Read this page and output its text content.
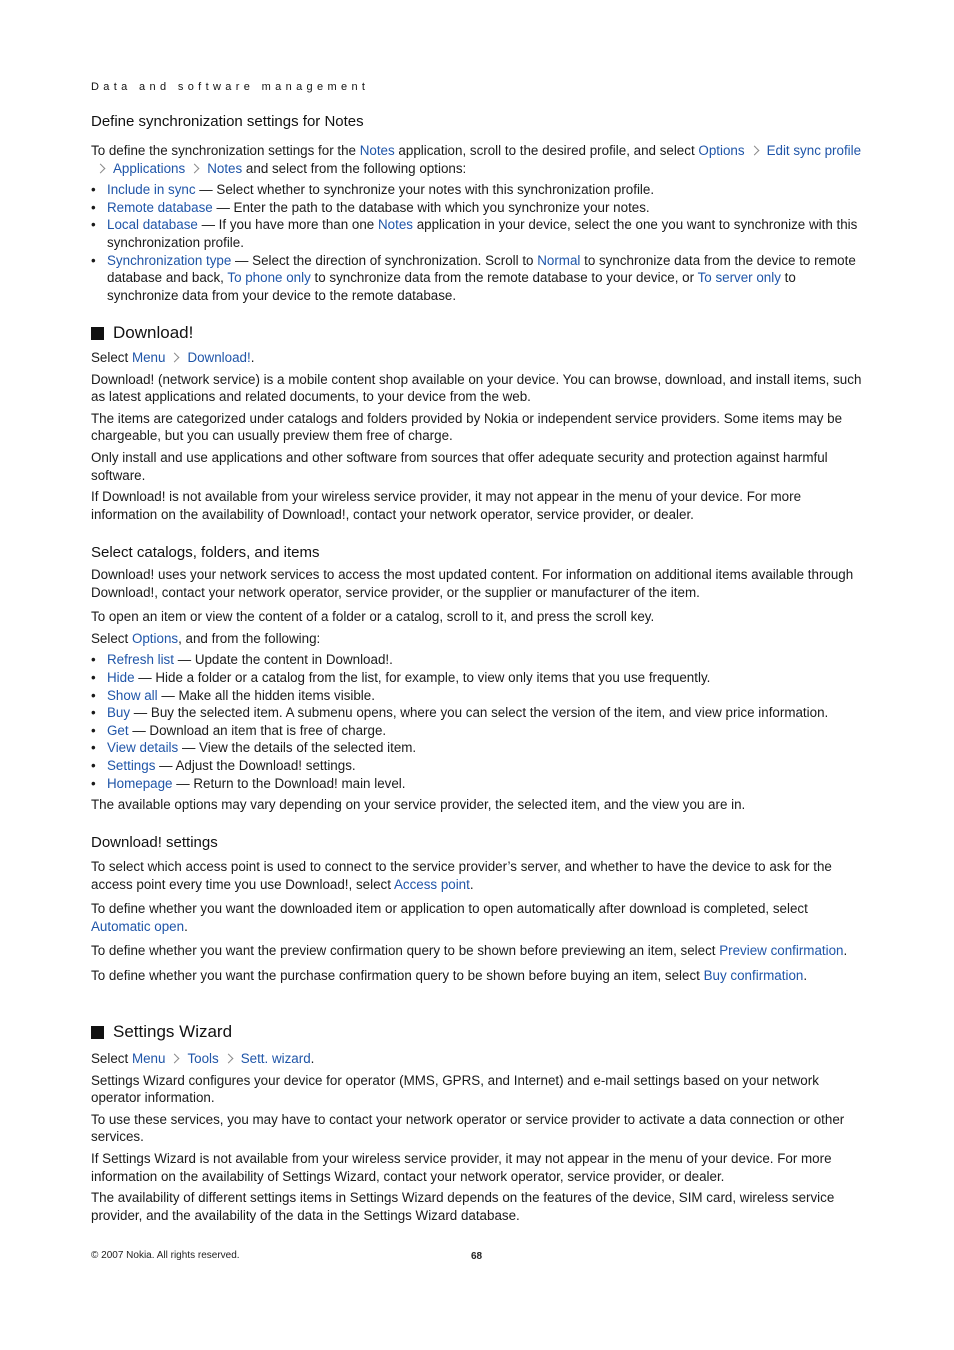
Data and software management
Define synchronization settings for Notes

To define the synchronization settings for the Notes application, scroll to the desired profile, and select Options Edit sync profileApplications Notes and select from the following options:

• Include in sync — Select whether to synchronize your notes with this synchronization profile.
• Remote database — Enter the path to the database with which you synchronize your notes.
• Local database — If you have more than one Notes application in your device, select the one you want to synchronize with this synchronization profile.
• Synchronization type — Select the direction of synchronization. Scroll to Normal to synchronize data from the device to remote database and back, To phone only to synchronize data from the remote database to your device, or To server only to synchronize data from your device to the remote database.
Download!

Select Menu Download!.

Download! (network service) is a mobile content shop available on your device. You can browse, download, and install items, such as latest applications and related documents, to your device from the web.

The items are categorized under catalogs and folders provided by Nokia or independent service providers. Some items may be chargeable, but you can usually preview them free of charge.

Only install and use applications and other software from sources that offer adequate security and protection against harmful software.

If Download! is not available from your wireless service provider, it may not appear in the menu of your device. For more information on the availability of Download!, contact your network operator, service provider, or dealer.

Select catalogs, folders, and items

Download! uses your network services to access the most updated content. For information on additional items available through Download!, contact your network operator, service provider, or the supplier or manufacturer of the item.

To open an item or view the content of a folder or a catalog, scroll to it, and press the scroll key.

Select Options, and from the following:

• Refresh list — Update the content in Download!.
• Hide — Hide a folder or a catalog from the list, for example, to view only items that you use frequently.
• Show all — Make all the hidden items visible.
• Buy — Buy the selected item. A submenu opens, where you can select the version of the item, and view price information.
• Get — Download an item that is free of charge.
• View details — View the details of the selected item.
• Settings — Adjust the Download! settings.
• Homepage — Return to the Download! main level.

The available options may vary depending on your service provider, the selected item, and the view you are in.

Download! settings

To select which access point is used to connect to the service provider’s server, and whether to have the device to ask for the access point every time you use Download!, select Access point.

To define whether you want the downloaded item or application to open automatically after download is completed, select Automatic open.

To define whether you want the preview confirmation query to be shown before previewing an item, select Preview confirmation.

To define whether you want the purchase confirmation query to be shown before buying an item, select Buy confirmation.

Settings Wizard

Select Menu Tools Sett. wizard.

Settings Wizard configures your device for operator (MMS, GPRS, and Internet) and e-mail settings based on your network operator information.

To use these services, you may have to contact your network operator or service provider to activate a data connection or other services.

If Settings Wizard is not available from your wireless service provider, it may not appear in the menu of your device. For more information on the availability of Settings Wizard, contact your network operator, service provider, or dealer.

The availability of different settings items in Settings Wizard depends on the features of the device, SIM card, wireless service provider, and the availability of the data in the Settings Wizard database.

© 2007 Nokia. All rights reserved.	68
